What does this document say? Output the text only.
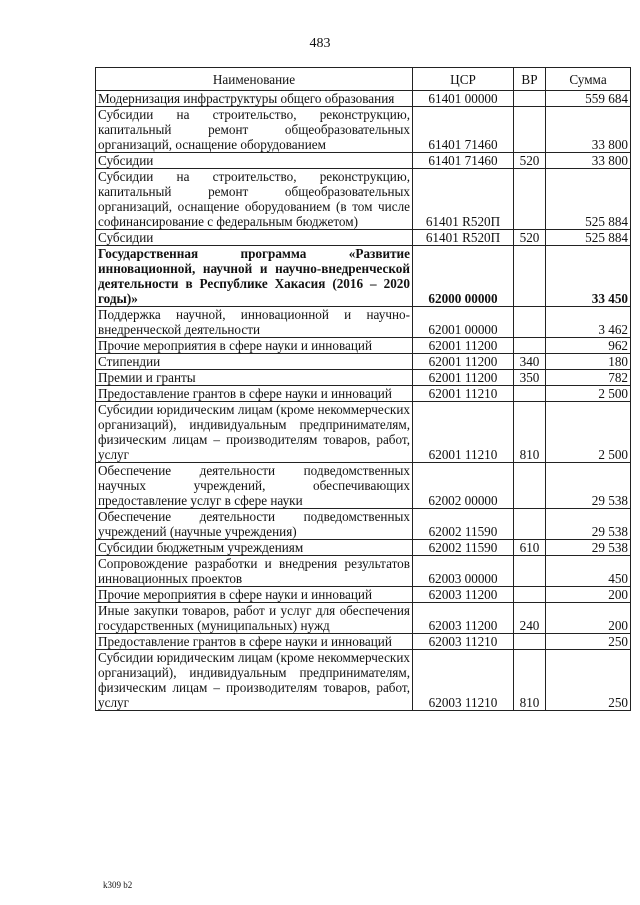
483
Наименование	ЦСР	ВР	Сумма
Модернизация инфраструктуры общего образования	61401 00000		559 684
Субсидии на строительство, реконструкцию, капитальный ремонт общеобразовательных организаций, оснащение оборудованием	61401 71460		33 800
Субсидии	61401 71460	520	33 800
Субсидии на строительство, реконструкцию, капитальный ремонт общеобразовательных организаций, оснащение оборудованием (в том числе софинансирование с федеральным бюджетом)	61401 R520П		525 884
Субсидии	61401 R520П	520	525 884
Государственная программа «Развитие инновационной, научной и научно-внедренческой деятельности в Республике Хакасия (2016 – 2020 годы)»	62000 00000		33 450
Поддержка научной, инновационной и научно-внедренческой деятельности	62001 00000		3 462
Прочие мероприятия в сфере науки и инноваций	62001 11200		962
Стипендии	62001 11200	340	180
Премии и гранты	62001 11200	350	782
Предоставление грантов в сфере науки и инноваций	62001 11210		2 500
Субсидии юридическим лицам (кроме некоммерческих организаций), индивидуальным предпринимателям, физическим лицам – производителям товаров, работ, услуг	62001 11210	810	2 500
Обеспечение деятельности подведомственных научных учреждений, обеспечивающих предоставление услуг в сфере науки	62002 00000		29 538
Обеспечение деятельности подведомственных учреждений (научные учреждения)	62002 11590		29 538
Субсидии бюджетным учреждениям	62002 11590	610	29 538
Сопровождение разработки и внедрения результатов инновационных проектов	62003 00000		450
Прочие мероприятия в сфере науки и инноваций	62003 11200		200
Иные закупки товаров, работ и услуг для обеспечения государственных (муниципальных) нужд	62003 11200	240	200
Предоставление грантов в сфере науки и инноваций	62003 11210		250
Субсидии юридическим лицам (кроме некоммерческих организаций), индивидуальным предпринимателям, физическим лицам – производителям товаров, работ, услуг	62003 11210	810	250
k309 b2
